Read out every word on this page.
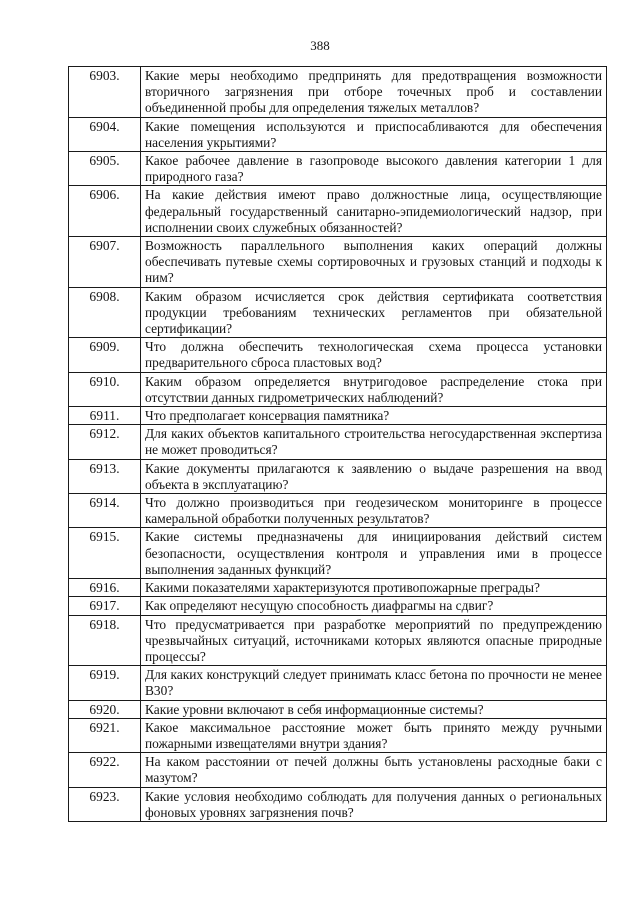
388
6903.	Какие меры необходимо предпринять для предотвращения возможности вторичного загрязнения при отборе точечных проб и составлении объединенной пробы для определения тяжелых металлов?
6904.	Какие помещения используются и приспосабливаются для обеспечения населения укрытиями?
6905.	Какое рабочее давление в газопроводе высокого давления категории 1 для природного газа?
6906.	На какие действия имеют право должностные лица, осуществляющие федеральный государственный санитарно-эпидемиологический надзор, при исполнении своих служебных обязанностей?
6907.	Возможность параллельного выполнения каких операций должны обеспечивать путевые схемы сортировочных и грузовых станций и подходы к ним?
6908.	Каким образом исчисляется срок действия сертификата соответствия продукции требованиям технических регламентов при обязательной сертификации?
6909.	Что должна обеспечить технологическая схема процесса установки предварительного сброса пластовых вод?
6910.	Каким образом определяется внутригодовое распределение стока при отсутствии данных гидрометрических наблюдений?
6911.	Что предполагает консервация памятника?
6912.	Для каких объектов капитального строительства негосударственная экспертиза не может проводиться?
6913.	Какие документы прилагаются к заявлению о выдаче разрешения на ввод объекта в эксплуатацию?
6914.	Что должно производиться при геодезическом мониторинге в процессе камеральной обработки полученных результатов?
6915.	Какие системы предназначены для инициирования действий систем безопасности, осуществления контроля и управления ими в процессе выполнения заданных функций?
6916.	Какими показателями характеризуются противопожарные преграды?
6917.	Как определяют несущую способность диафрагмы на сдвиг?
6918.	Что предусматривается при разработке мероприятий по предупреждению чрезвычайных ситуаций, источниками которых являются опасные природные процессы?
6919.	Для каких конструкций следует принимать класс бетона по прочности не менее В30?
6920.	Какие уровни включают в себя информационные системы?
6921.	Какое максимальное расстояние может быть принято между ручными пожарными извещателями внутри здания?
6922.	На каком расстоянии от печей должны быть установлены расходные баки с мазутом?
6923.	Какие условия необходимо соблюдать для получения данных о региональных фоновых уровнях загрязнения почв?
